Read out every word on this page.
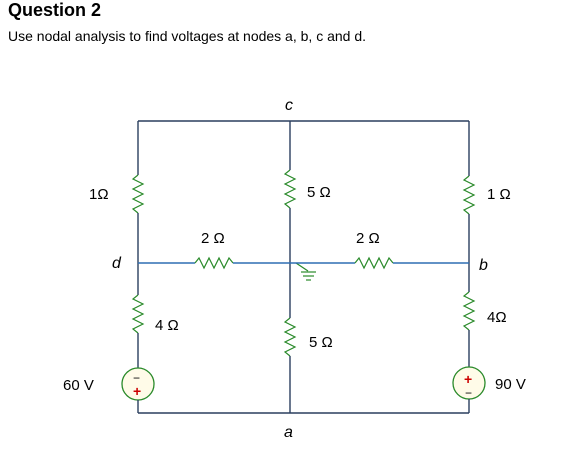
Question 2

Use nodal analysis to find voltages at nodes a, b, c and d.

c
d	b
a
1Ω
4 Ω
5 Ω
5 Ω
2 Ω	2 Ω
1 Ω
4Ω
60 V	90 V
−
+
+
−
